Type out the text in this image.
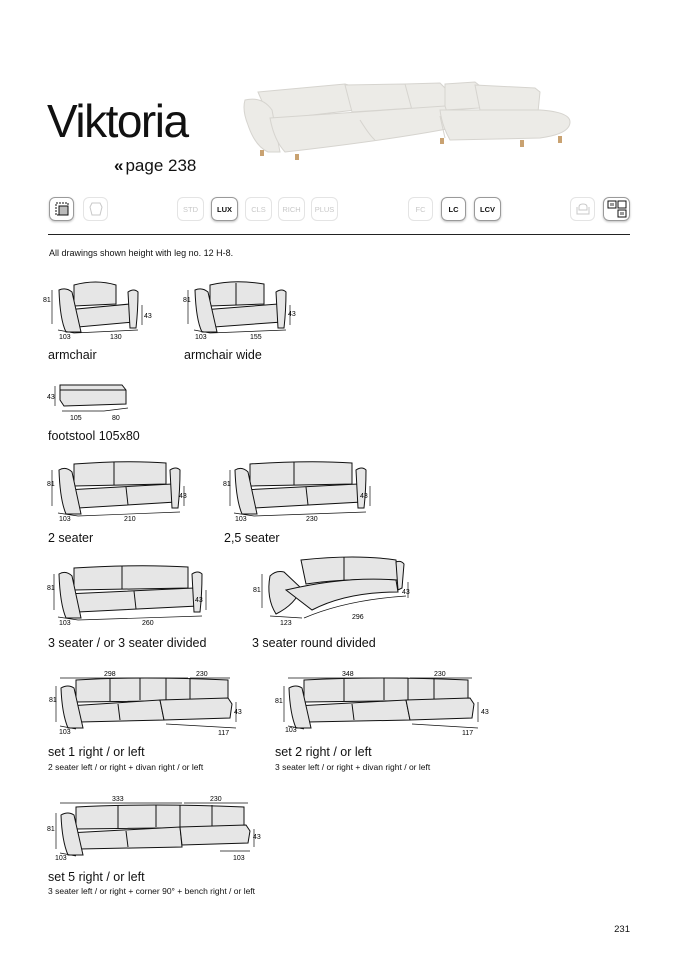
Viktoria
« page 238
STD	LUX	CLS RICH PLUS	FC	LC	LCV
All drawings shown height with leg no. 12 H-8.
81
43
103	130
armchair
81
43
103	155
armchair wide
43
105	80
footstool 105x80
81
43
103	210
2 seater
81
43
103	230
2,5 seater
81
43
103	260
3 seater / or 3 seater divided
81	43
123
296
3 seater round divided
298	230
81
43
103	117
set 1 right / or left
2 seater left / or right + divan right / or left
348	230
81
43
103	117
set 2 right / or left
3 seater left / or right + divan right / or left
333	230
81
43
103	103
set 5 right / or left
3 seater left / or right + corner 90° + bench right / or left
231
